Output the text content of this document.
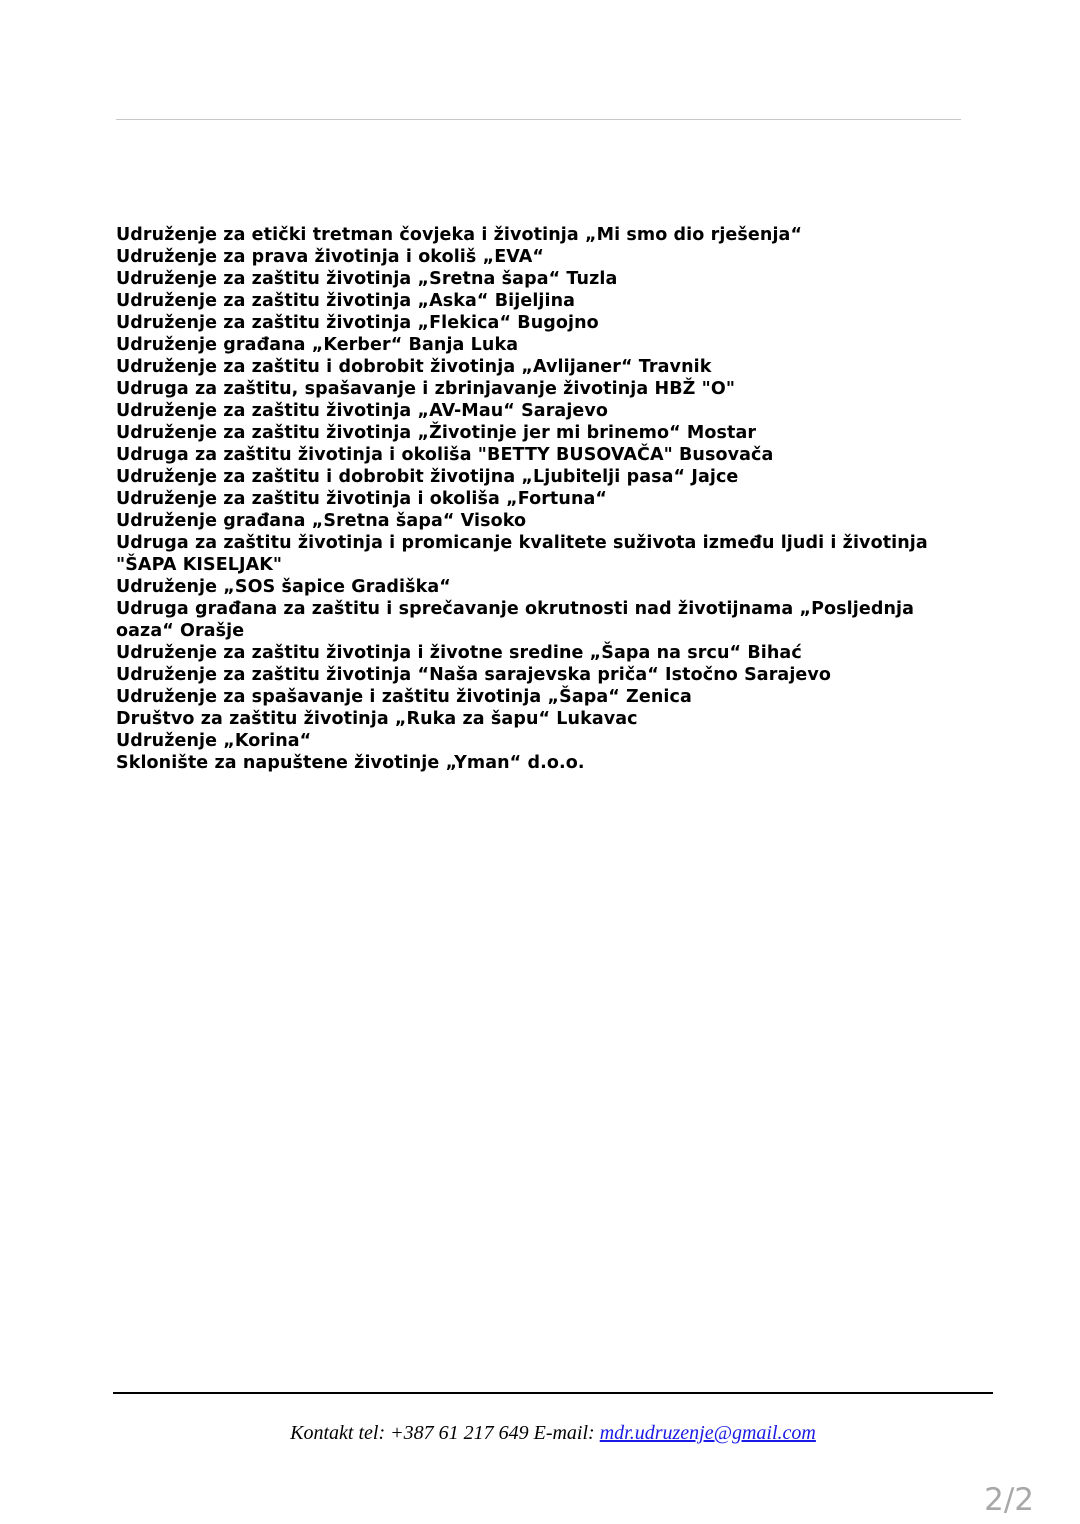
Udruženje za etički tretman čovjeka i životinja „Mi smo dio rješenja“
Udruženje za prava životinja i okoliš „EVA“
Udruženje za zaštitu životinja „Sretna šapa“ Tuzla
Udruženje za zaštitu životinja „Aska“ Bijeljina
Udruženje za zaštitu životinja „Flekica“ Bugojno
Udruženje građana „Kerber“ Banja Luka
Udruženje za zaštitu i dobrobit životinja „Avlijaner“ Travnik
Udruga za zaštitu, spašavanje i zbrinjavanje životinja HBŽ "O"
Udruženje za zaštitu životinja „AV-Mau“ Sarajevo
Udruženje za zaštitu životinja „Životinje jer mi brinemo“ Mostar
Udruga za zaštitu životinja i okoliša "BETTY BUSOVAČA" Busovača
Udruženje za zaštitu i dobrobit životijna „Ljubitelji pasa“ Jajce
Udruženje za zaštitu životinja i okoliša „Fortuna“
Udruženje građana „Sretna šapa“ Visoko
Udruga za zaštitu životinja i promicanje kvalitete suživota između ljudi i životinja
"ŠAPA KISELJAK"
Udruženje „SOS šapice Gradiška“
Udruga građana za zaštitu i sprečavanje okrutnosti nad životijnama „Posljednja
oaza“ Orašje
Udruženje za zaštitu životinja i životne sredine „Šapa na srcu“ Bihać
Udruženje za zaštitu životinja “Naša sarajevska priča“ Istočno Sarajevo
Udruženje za spašavanje i zaštitu životinja „Šapa“ Zenica
Društvo za zaštitu životinja „Ruka za šapu“ Lukavac
Udruženje „Korina“
Sklonište za napuštene životinje „Yman“ d.o.o.
Kontakt tel: +387 61 217 649 E-mail: mdr.udruzenje@gmail.com
2/2
